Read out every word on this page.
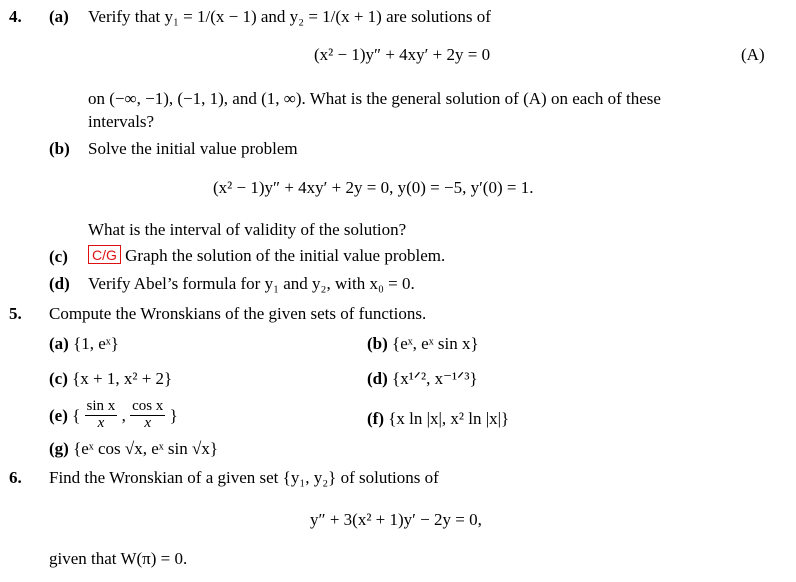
4. (a) Verify that y₁ = 1/(x − 1) and y₂ = 1/(x + 1) are solutions of
(x² − 1)y″ + 4xy′ + 2y = 0	(A)
on (−∞, −1), (−1, 1), and (1, ∞). What is the general solution of (A) on each of these
intervals?
(b) Solve the initial value problem
(x² − 1)y″ + 4xy′ + 2y = 0, y(0) = −5, y′(0) = 1.
What is the interval of validity of the solution?
(c) C/G Graph the solution of the initial value problem.
(d) Verify Abel’s formula for y₁ and y₂, with x₀ = 0.
5. Compute the Wronskians of the given sets of functions.
(a) {1, eˣ}	(b) {eˣ, eˣ sin x}
(c) {x + 1, x² + 2}	(d) {x¹ᐟ², x⁻¹ᐟ³}
(e) { $\frac{\text{sin x}}{x}$ , $\frac{\text{cos x}}{x}$ }	(f) {x ln |x|, x² ln |x|}
(g) {eˣ cos √x, eˣ sin √x}
6. Find the Wronskian of a given set {y₁, y₂} of solutions of
y″ + 3(x² + 1)y′ − 2y = 0,
given that W(π) = 0.
